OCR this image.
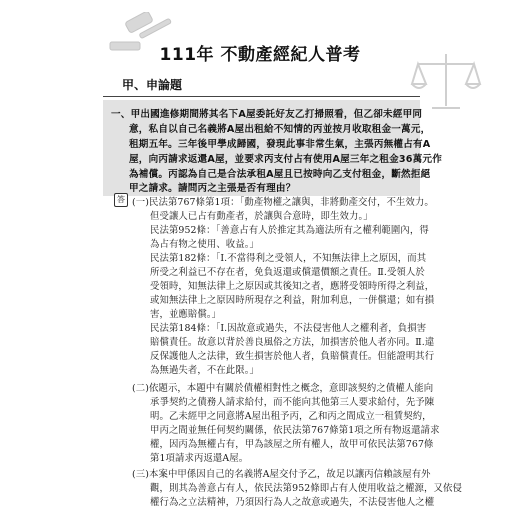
111年 不動產經紀人普考
甲、申論題
一、甲出國進修期間將其名下A屋委託好友乙打掃照看，但乙卻未經甲同
意，私自以自己名義將A屋出租給不知情的丙並按月收取租金一萬元，
租期五年。三年後甲學成歸國，發現此事非常生氣，主張丙無權占有A
屋，向丙請求返還A屋，並要求丙支付占有使用A屋三年之租金36萬元作
為補償。丙認為自己是合法承租A屋且已按時向乙支付租金，斷然拒絕
甲之請求。請問丙之主張是否有理由？
答 (一)民法第767條第1項：「動產物權之讓與，非將動產交付，不生效力。
但受讓人已占有動產者，於讓與合意時，即生效力。」
民法第952條：「善意占有人於推定其為適法所有之權利範圍內，得
為占有物之使用、收益。」
民法第182條：「Ⅰ.不當得利之受領人，不知無法律上之原因，而其
所受之利益已不存在者，免負返還或償還價額之責任。Ⅱ.受領人於
受領時，知無法律上之原因或其後知之者，應將受領時所得之利益，
或知無法律上之原因時所現存之利益，附加利息，一併償還；如有損
害，並應賠償。」
民法第184條：「Ⅰ.因故意或過失，不法侵害他人之權利者，負損害
賠償責任。故意以背於善良風俗之方法，加損害於他人者亦同。Ⅱ.違
反保護他人之法律，致生損害於他人者，負賠償責任。但能證明其行
為無過失者，不在此限。」
(二)依題示，本題中有關於債權相對性之概念，意即該契約之債權人能向
承爭契約之債務人請求給付，而不能向其他第三人要求給付，先予陳
明。乙未經甲之同意將A屋出租予丙，乙和丙之間成立一租賃契約，
甲丙之間並無任何契約關係，依民法第767條第1項之所有物返還請求
權，因丙為無權占有，甲為該屋之所有權人，故甲可依民法第767條
第1項請求丙返還A屋。
(三)本案中甲係因自己的名義將A屋交付予乙，故足以讓丙信賴該屋有外
觀，則其為善意占有人，依民法第952條即占有人使用收益之權源，又依侵
權行為之立法精神，乃須因行為人之故意或過失，不法侵害他人之權
